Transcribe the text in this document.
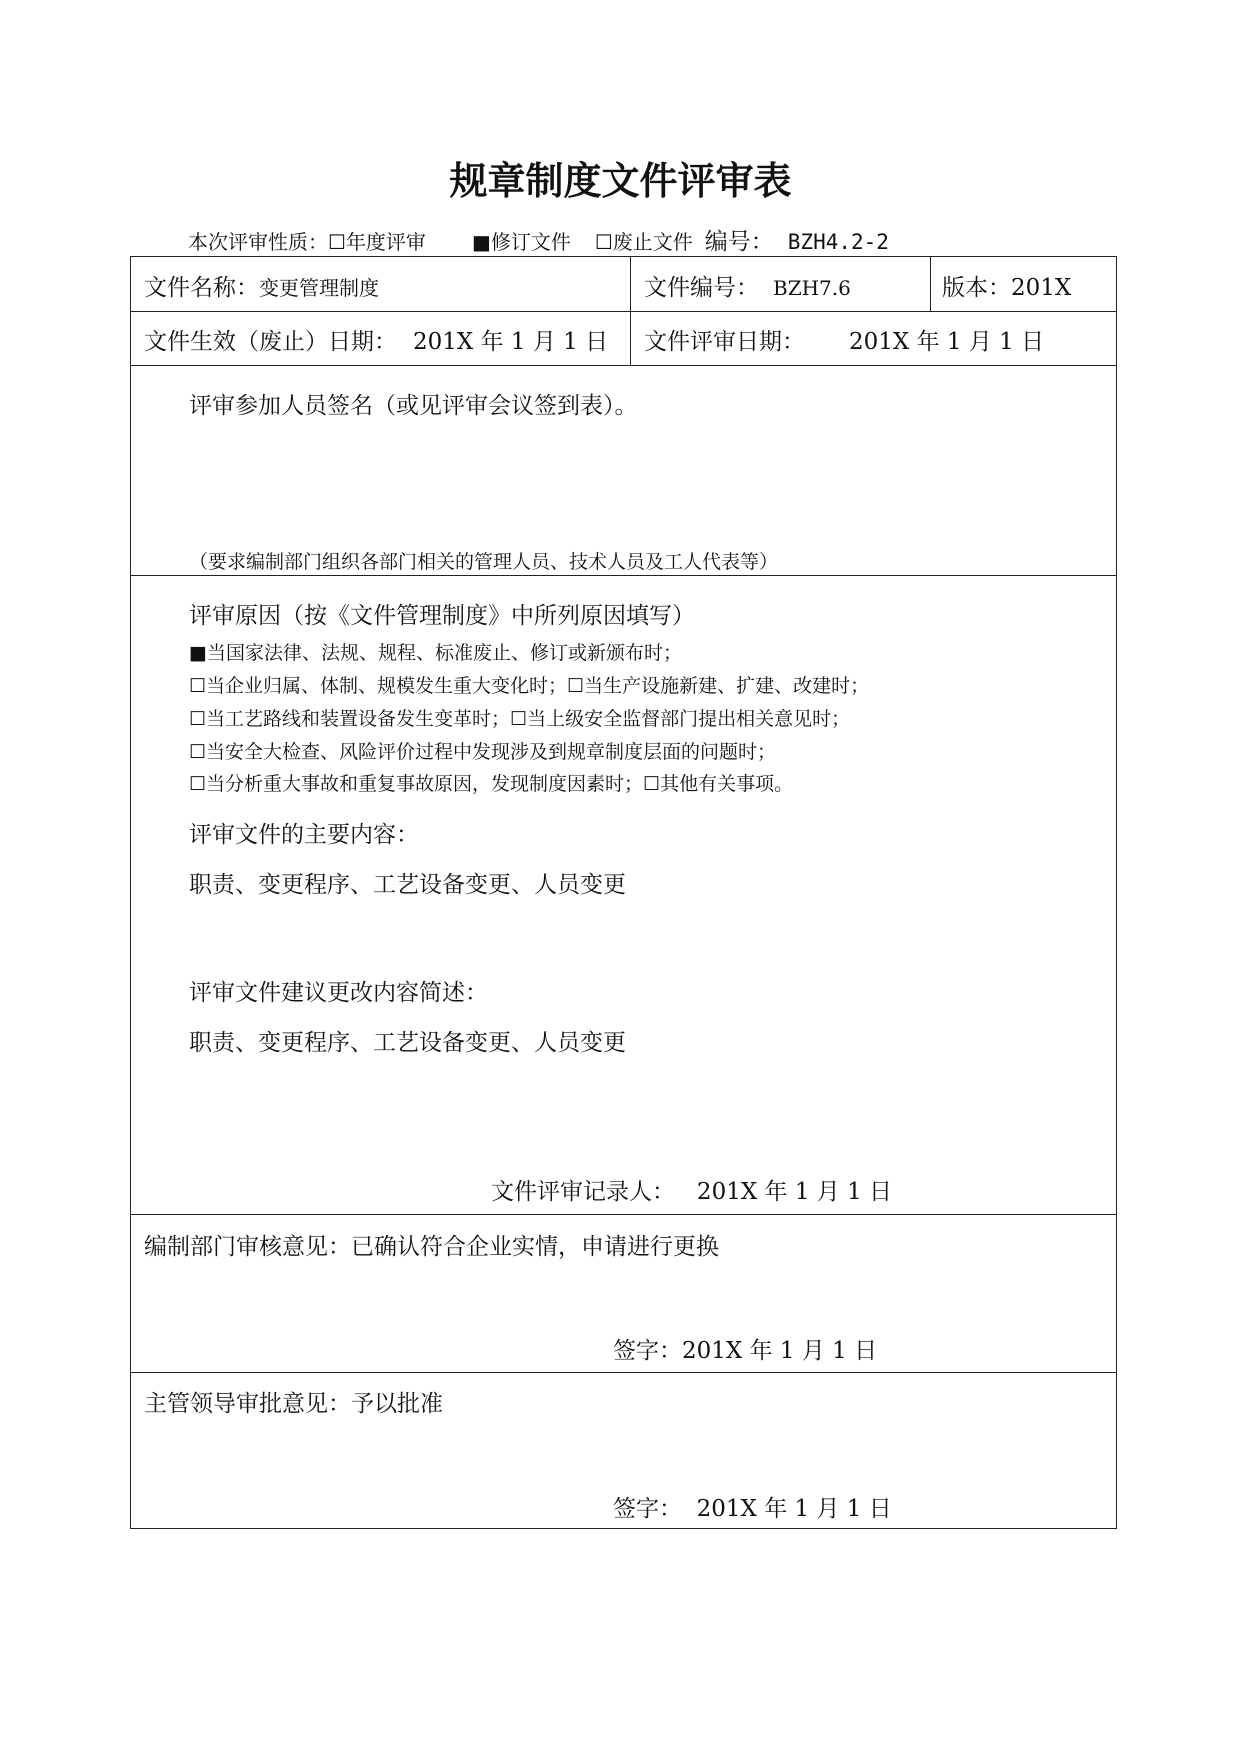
规章制度文件评审表
本次评审性质：☐年度评审 ■修订文件 ☐废止文件 编号： BZH4.2-2
文件名称：变更管理制度	文件编号： BZH7.6	版本：201X
文件生效（废止）日期： 201X 年 1 月 1 日 文件评审日期： 201X 年 1 月 1 日
评审参加人员签名（或见评审会议签到表）。
（要求编制部门组织各部门相关的管理人员、技术人员及工人代表等）
评审原因（按《文件管理制度》中所列原因填写）
■当国家法律、法规、规程、标准废止、修订或新颁布时；
☐当企业归属、体制、规模发生重大变化时；☐当生产设施新建、扩建、改建时；
☐当工艺路线和装置设备发生变革时；☐当上级安全监督部门提出相关意见时；
☐当安全大检查、风险评价过程中发现涉及到规章制度层面的问题时；
☐当分析重大事故和重复事故原因，发现制度因素时；☐其他有关事项。
评审文件的主要内容：
职责、变更程序、工艺设备变更、人员变更
评审文件建议更改内容简述：
职责、变更程序、工艺设备变更、人员变更
文件评审记录人：   201X 年 1 月 1 日
编制部门审核意见：已确认符合企业实情，申请进行更换
签字：201X 年 1 月 1 日
主管领导审批意见：予以批准
签字：  201X 年 1 月 1 日
